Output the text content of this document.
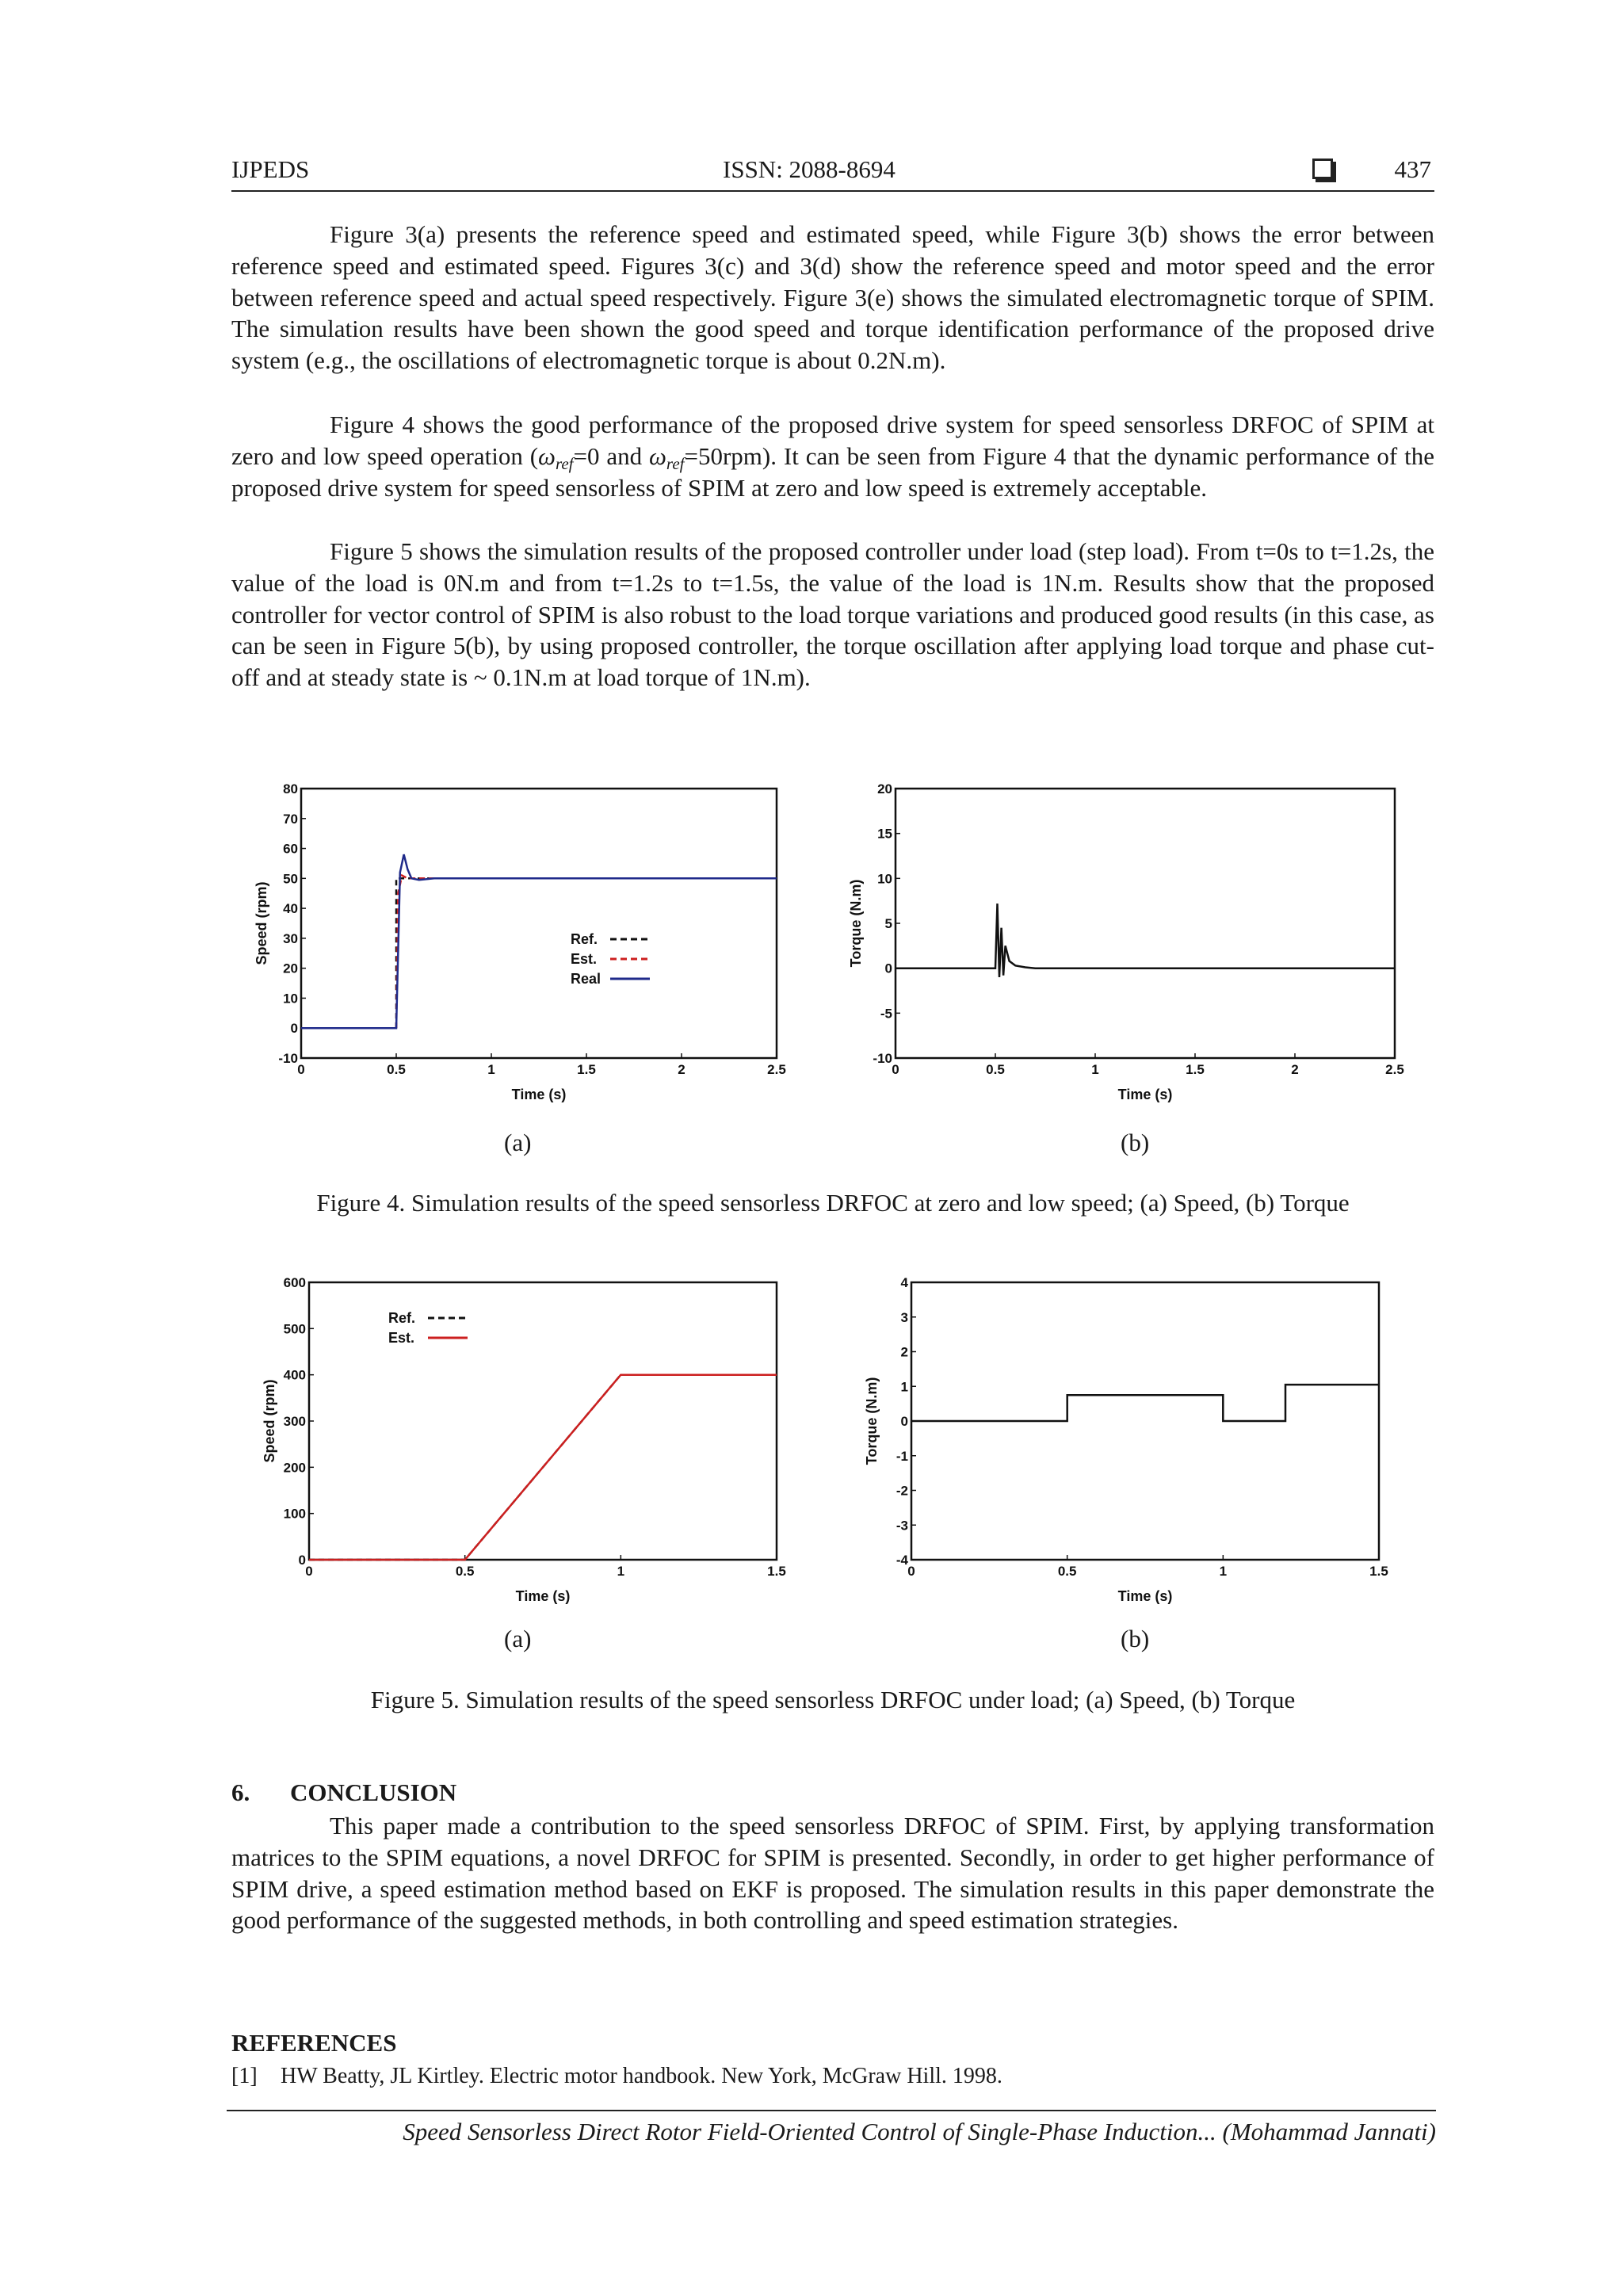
IJPEDS	ISSN: 2088-8694	437

Figure 3(a) presents the reference speed and estimated speed, while Figure 3(b) shows the error between reference speed and estimated speed. Figures 3(c) and 3(d) show the reference speed and motor speed and the error between reference speed and actual speed respectively. Figure 3(e) shows the simulated electromagnetic torque of SPIM. The simulation results have been shown the good speed and torque identification performance of the proposed drive system (e.g., the oscillations of electromagnetic torque is about 0.2N.m).

Figure 4 shows the good performance of the proposed drive system for speed sensorless DRFOC of SPIM at zero and low speed operation ($\omega_{ref}=0$ and $\omega_{ref}=50rpm$). It can be seen from Figure 4 that the dynamic performance of the proposed drive system for speed sensorless of SPIM at zero and low speed is extremely acceptable.

Figure 5 shows the simulation results of the proposed controller under load (step load). From t=0s to t=1.2s, the value of the load is 0N.m and from t=1.2s to t=1.5s, the value of the load is 1N.m. Results show that the proposed controller for vector control of SPIM is also robust to the load torque variations and produced good results (in this case, as can be seen in Figure 5(b), by using proposed controller, the torque oscillation after applying load torque and phase cut-off and at steady state is ~ 0.1N.m at load torque of 1N.m).

0	0.5	1	1.5	2	2.5
-10
0
10
20
30
40
50
60
70
80
Time (s)
Speed (rpm)	Ref.
Est.
Real
0	0.5	1	1.5	2	2.5
-10
-5
0
5
10
15
20
Time (s)
Torque (N.m)
(a)	(b)
Figure 4. Simulation results of the speed sensorless DRFOC at zero and low speed; (a) Speed, (b) Torque
0	0.5	1	1.5
0
100
200
300
400
500
600
Time (s)
Speed (rpm)
Ref.
Est.
0	0.5	1	1.5
-4
-3
-2
-1
0
1
2
3
4
Time (s)
Torque (N.m)
(a)	(b)
Figure 5. Simulation results of the speed sensorless DRFOC under load; (a) Speed, (b) Torque
6. CONCLUSION

This paper made a contribution to the speed sensorless DRFOC of SPIM. First, by applying transformation matrices to the SPIM equations, a novel DRFOC for SPIM is presented. Secondly, in order to get higher performance of SPIM drive, a speed estimation method based on EKF is proposed. The simulation results in this paper demonstrate the good performance of the suggested methods, in both controlling and speed estimation strategies.

REFERENCES
[1] HW Beatty, JL Kirtley. Electric motor handbook. New York, McGraw Hill. 1998.
Speed Sensorless Direct Rotor Field-Oriented Control of Single-Phase Induction... (Mohammad Jannati)
